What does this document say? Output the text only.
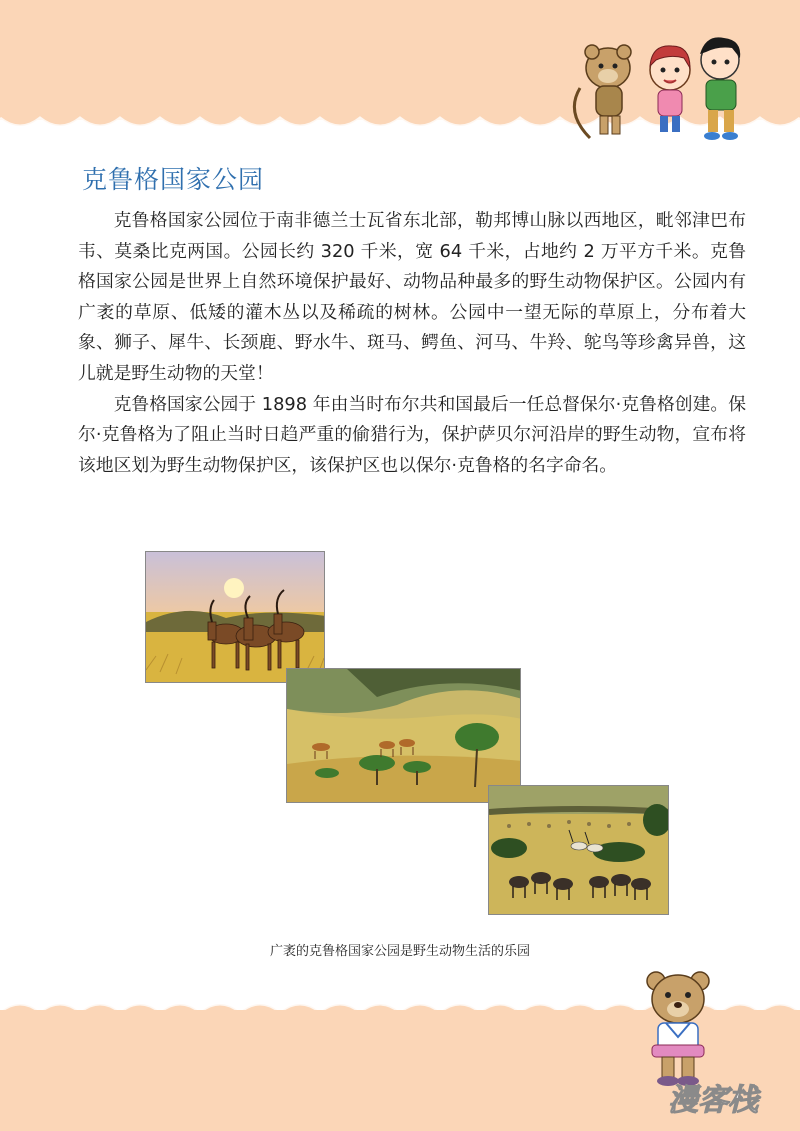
克鲁格国家公园

克鲁格国家公园位于南非德兰士瓦省东北部，勒邦博山脉以西地区，毗邻津巴布韦、莫桑比克两国。公园长约 320 千米，宽 64 千米，占地约 2 万平方千米。克鲁格国家公园是世界上自然环境保护最好、动物品种最多的野生动物保护区。公园内有广袤的草原、低矮的灌木丛以及稀疏的树林。公园中一望无际的草原上，分布着大象、狮子、犀牛、长颈鹿、野水牛、斑马、鳄鱼、河马、牛羚、鸵鸟等珍禽异兽，这儿就是野生动物的天堂！

克鲁格国家公园于 1898 年由当时布尔共和国最后一任总督保尔·克鲁格创建。保尔·克鲁格为了阻止当时日趋严重的偷猎行为，保护萨贝尔河沿岸的野生动物，宣布将该地区划为野生动物保护区，该保护区也以保尔·克鲁格的名字命名。

广袤的克鲁格国家公园是野生动物生活的乐园
漫客栈
